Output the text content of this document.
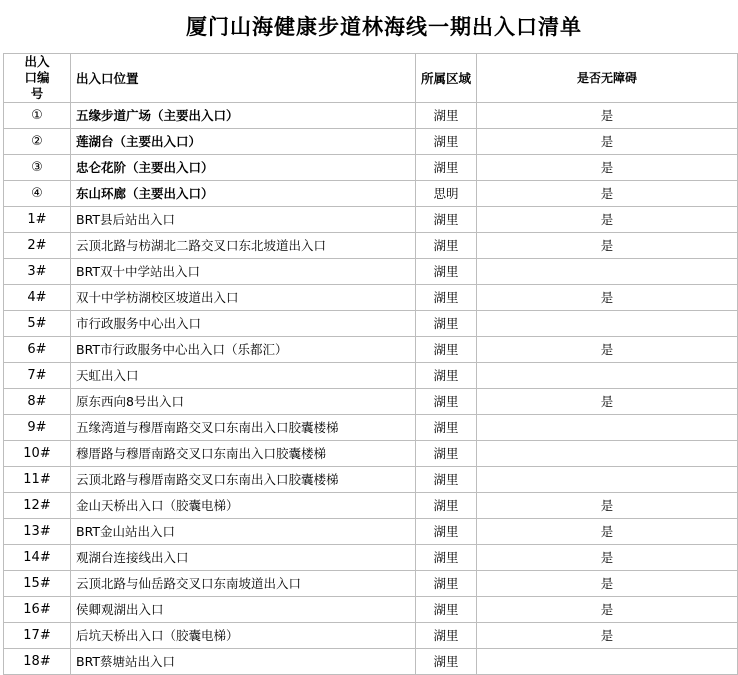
厦门山海健康步道林海线一期出入口清单
出入口编号	出入口位置	所属区域	是否无障碍
①	五缘步道广场（主要出入口）	湖里	是
②	莲湖台（主要出入口）	湖里	是
③	忠仑花阶（主要出入口）	湖里	是
④	东山环廊（主要出入口）	思明	是
1#	BRT县后站出入口	湖里	是
2#	云顶北路与枋湖北二路交叉口东北坡道出入口	湖里	是
3#	BRT双十中学站出入口	湖里	
4#	双十中学枋湖校区坡道出入口	湖里	是
5#	市行政服务中心出入口	湖里	
6#	BRT市行政服务中心出入口（乐都汇）	湖里	是
7#	天虹出入口	湖里	
8#	原东西向8号出入口	湖里	是
9#	五缘湾道与穆厝南路交叉口东南出入口胶囊楼梯	湖里	
10#	穆厝路与穆厝南路交叉口东南出入口胶囊楼梯	湖里	
11#	云顶北路与穆厝南路交叉口东南出入口胶囊楼梯	湖里	
12#	金山天桥出入口（胶囊电梯）	湖里	是
13#	BRT金山站出入口	湖里	是
14#	观湖台连接线出入口	湖里	是
15#	云顶北路与仙岳路交叉口东南坡道出入口	湖里	是
16#	侯卿观湖出入口	湖里	是
17#	后坑天桥出入口（胶囊电梯）	湖里	是
18#	BRT蔡塘站出入口	湖里	
